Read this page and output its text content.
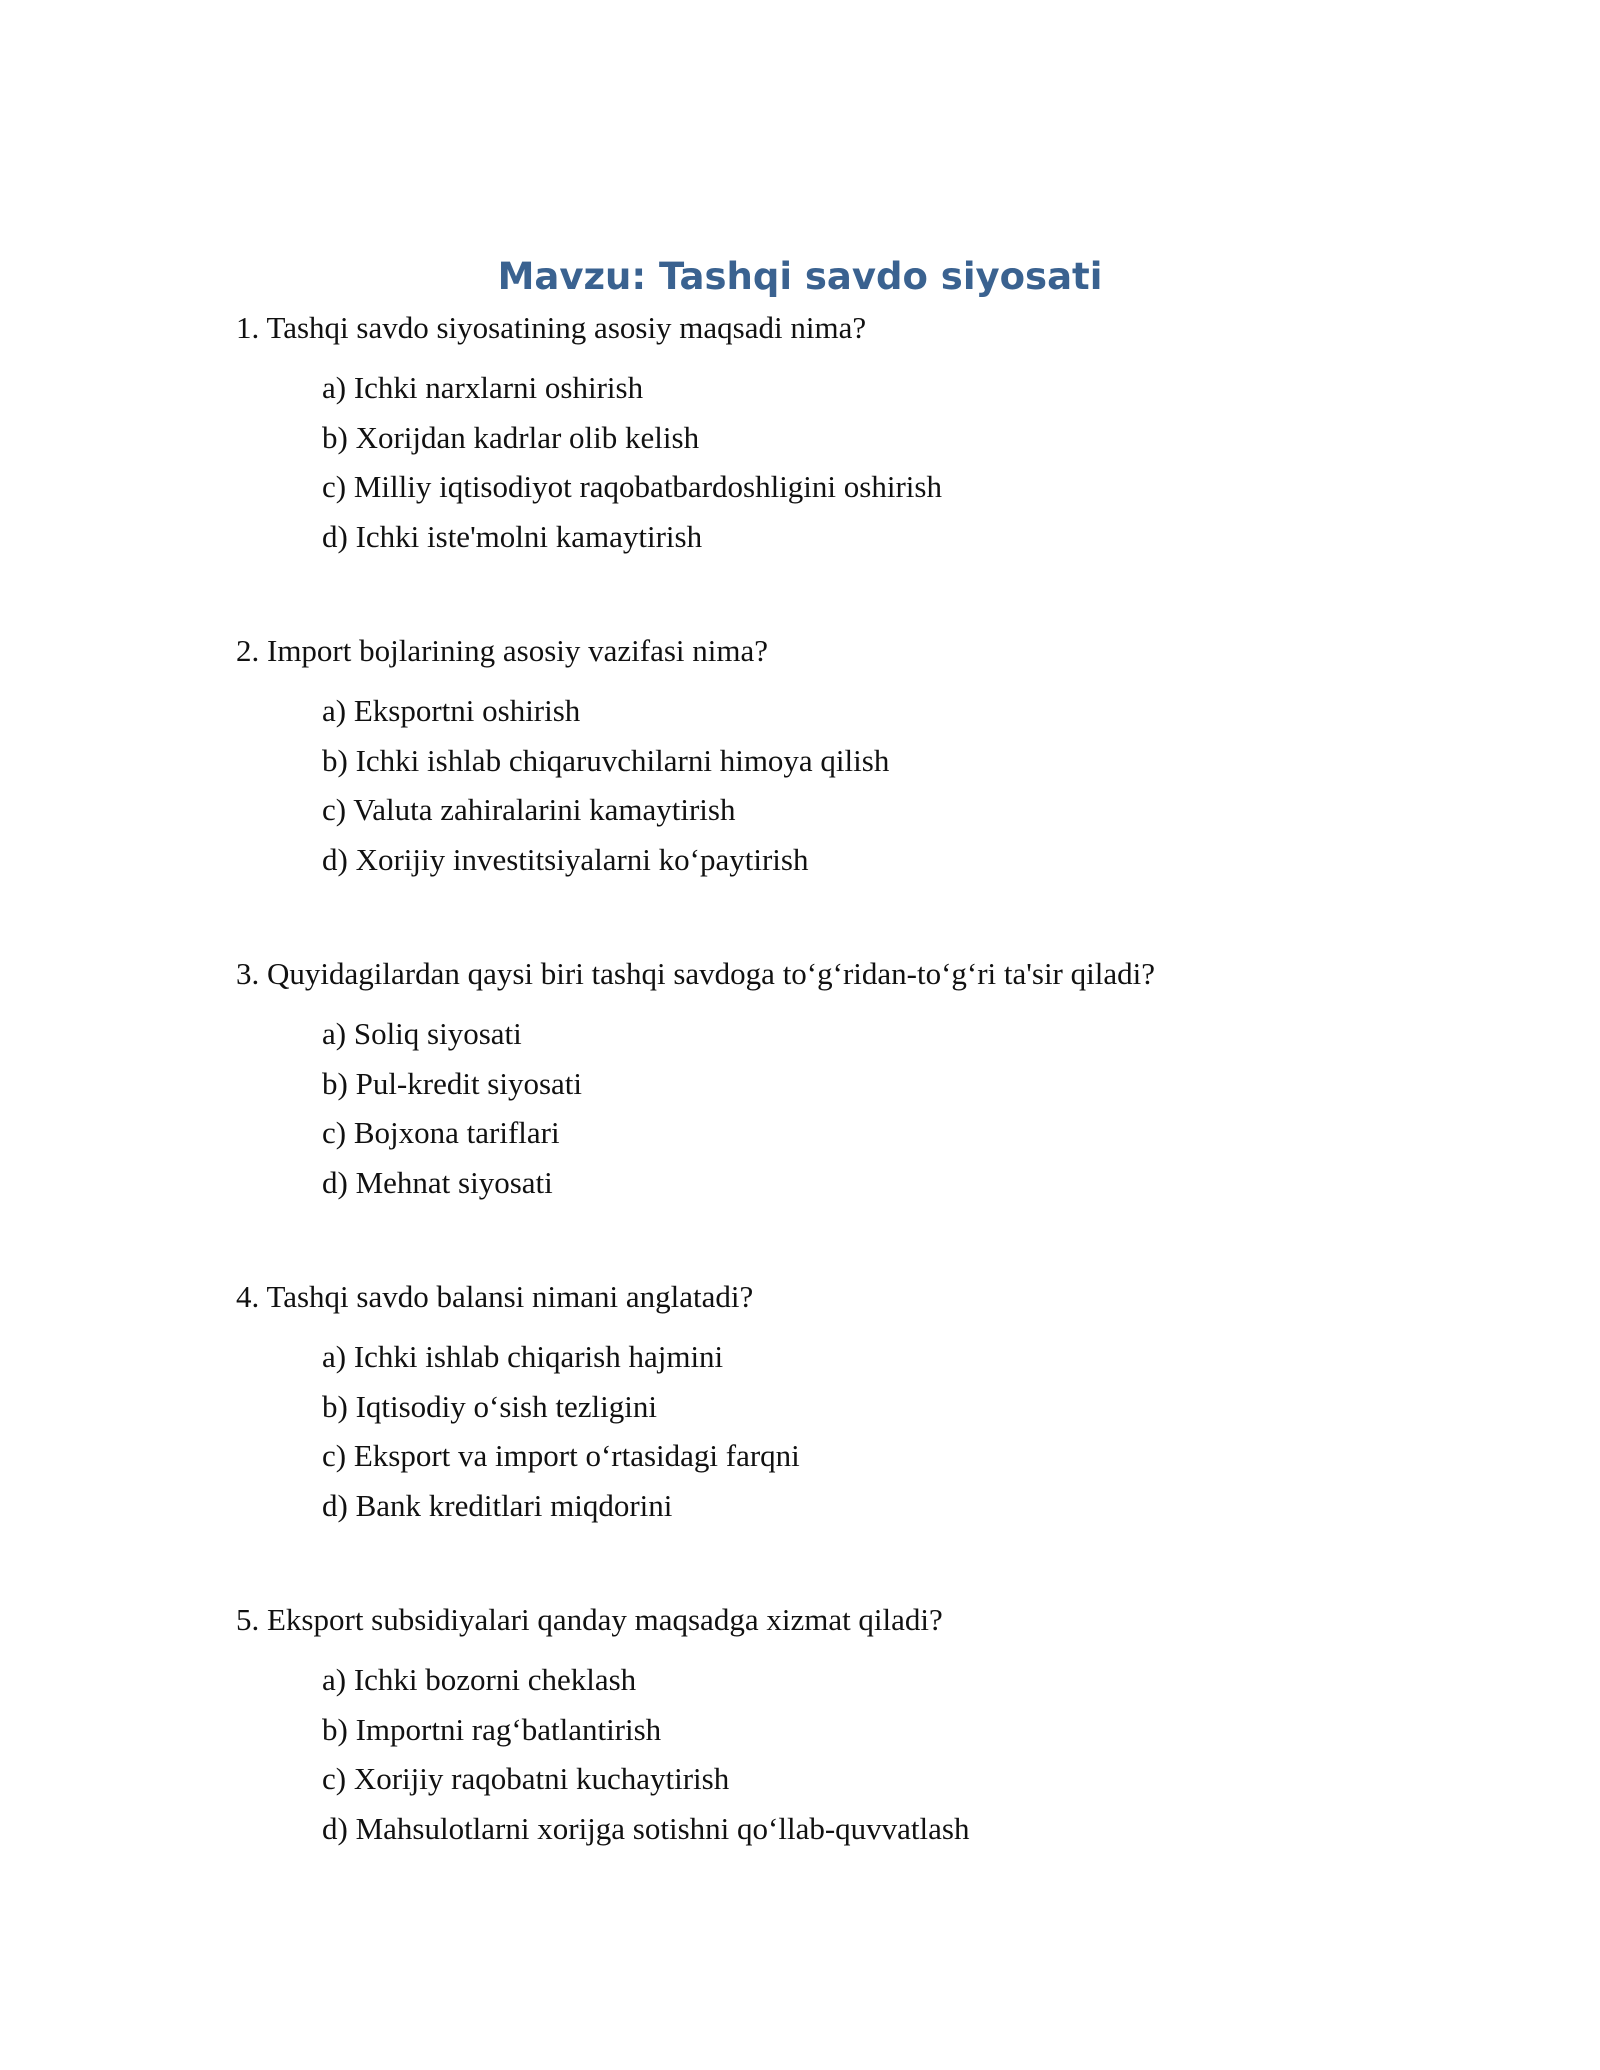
Mavzu: Tashqi savdo siyosati

1. Tashqi savdo siyosatining asosiy maqsadi nima?

a) Ichki narxlarni oshirish
b) Xorijdan kadrlar olib kelish
c) Milliy iqtisodiyot raqobatbardoshligini oshirish
d) Ichki iste'molni kamaytirish

2. Import bojlarining asosiy vazifasi nima?

a) Eksportni oshirish
b) Ichki ishlab chiqaruvchilarni himoya qilish
c) Valuta zahiralarini kamaytirish
d) Xorijiy investitsiyalarni koʻpaytirish

3. Quyidagilardan qaysi biri tashqi savdoga toʻgʻridan-toʻgʻri ta'sir qiladi?

a) Soliq siyosati
b) Pul-kredit siyosati
c) Bojxona tariflari
d) Mehnat siyosati

4. Tashqi savdo balansi nimani anglatadi?

a) Ichki ishlab chiqarish hajmini
b) Iqtisodiy oʻsish tezligini
c) Eksport va import oʻrtasidagi farqni
d) Bank kreditlari miqdorini

5. Eksport subsidiyalari qanday maqsadga xizmat qiladi?

a) Ichki bozorni cheklash
b) Importni ragʻbatlantirish
c) Xorijiy raqobatni kuchaytirish
d) Mahsulotlarni xorijga sotishni qoʻllab-quvvatlash
